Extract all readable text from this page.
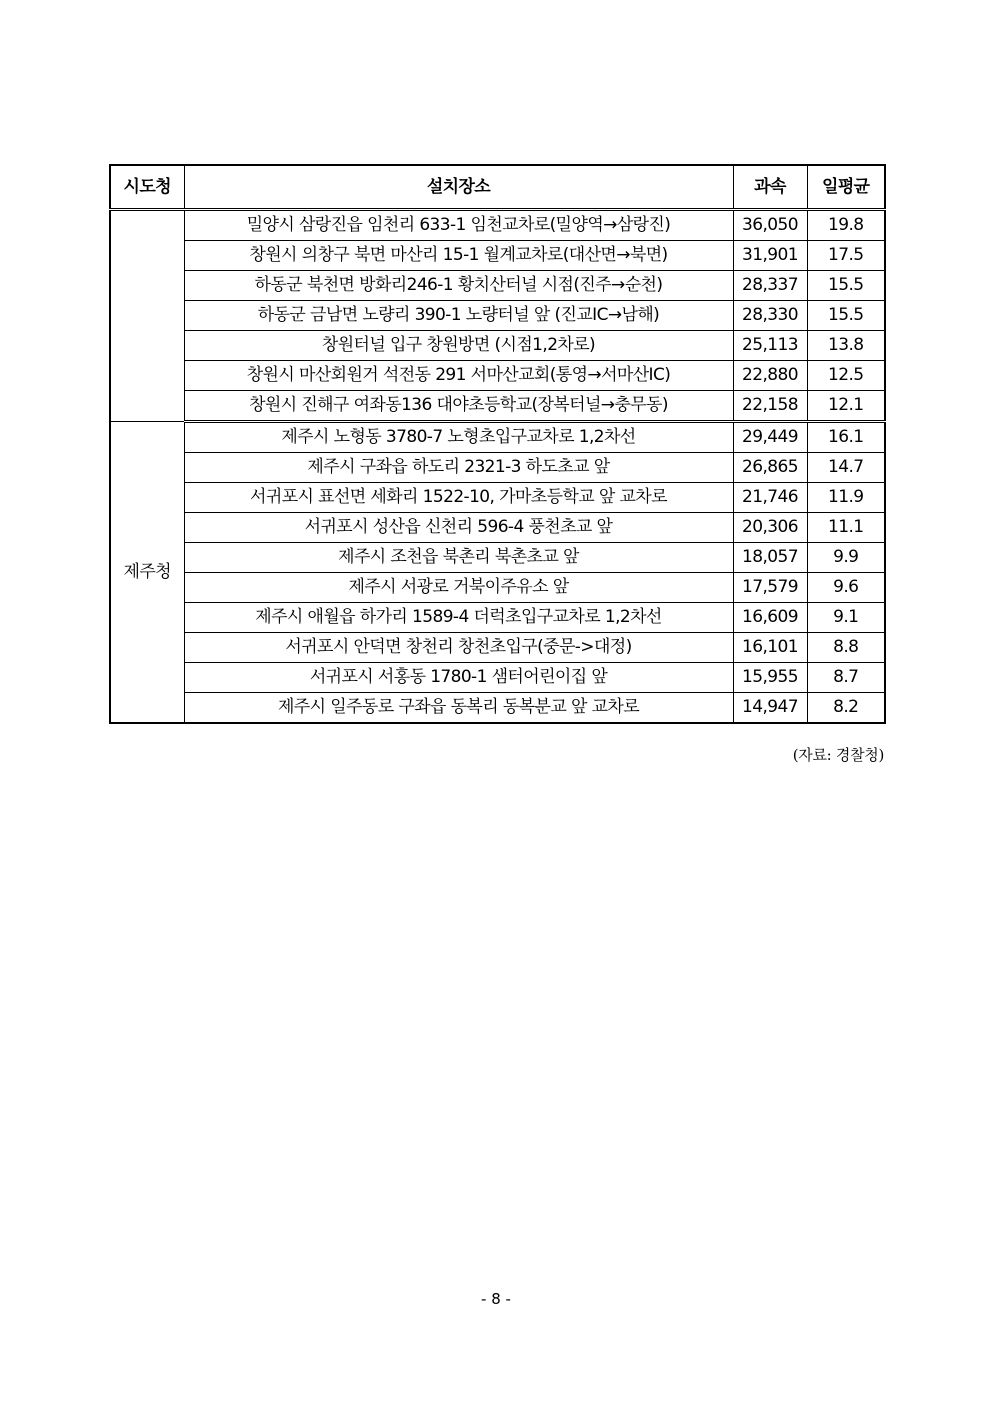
시도청	설치장소	과속	일평균
	밀양시 삼랑진읍 임천리 633-1 임천교차로(밀양역→삼랑진)	36,050	19.8
	창원시 의창구 북면 마산리 15-1 월계교차로(대산면→북면)	31,901	17.5
	하동군 북천면 방화리246-1 황치산터널 시점(진주→순천)	28,337	15.5
	하동군 금남면 노량리 390-1 노량터널 앞 (진교IC→남해)	28,330	15.5
	창원터널 입구 창원방면 (시점1,2차로)	25,113	13.8
	창원시 마산회원거 석전동 291 서마산교회(통영→서마산IC)	22,880	12.5
	창원시 진해구 여좌동136 대야초등학교(장복터널→충무동)	22,158	12.1
제주청	제주시 노형동 3780-7 노형초입구교차로 1,2차선	29,449	16.1
	제주시 구좌읍 하도리 2321-3 하도초교 앞	26,865	14.7
	서귀포시 표선면 세화리 1522-10, 가마초등학교 앞 교차로	21,746	11.9
	서귀포시 성산읍 신천리 596-4 풍천초교 앞	20,306	11.1
	제주시 조천읍 북촌리 북촌초교 앞	18,057	9.9
	제주시 서광로 거북이주유소 앞	17,579	9.6
	제주시 애월읍 하가리 1589-4 더럭초입구교차로 1,2차선	16,609	9.1
	서귀포시 안덕면 창천리 창천초입구(중문->대정)	16,101	8.8
	서귀포시 서홍동 1780-1 샘터어린이집 앞	15,955	8.7
	제주시 일주동로 구좌읍 동복리 동복분교 앞 교차로	14,947	8.2
(자료: 경찰청)
- 8 -
